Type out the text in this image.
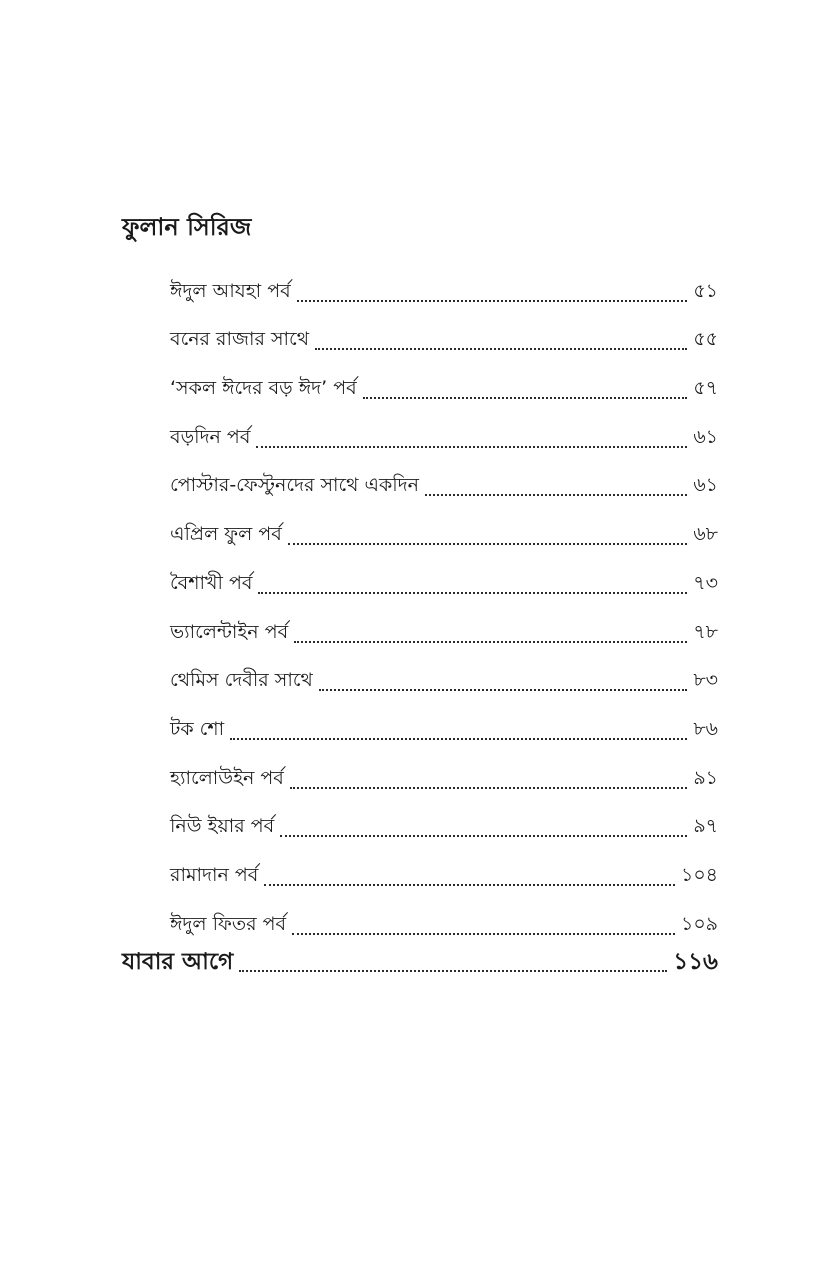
ফুলান সিরিজ
ঈদুল আযহা পর্ব	৫১
বনের রাজার সাথে	৫৫
‘সকল ঈদের বড় ঈদ’ পর্ব	৫৭
বড়দিন পর্ব	৬১
পোস্টার-ফেস্টুনদের সাথে একদিন	৬১
এপ্রিল ফুল পর্ব	৬৮
বৈশাখী পর্ব	৭৩
ভ্যালেন্টাইন পর্ব	৭৮
থেমিস দেবীর সাথে	৮৩
টক শো	৮৬
হ্যালোউইন পর্ব	৯১
নিউ ইয়ার পর্ব	৯৭
রামাদান পর্ব	১০৪
ঈদুল ফিতর পর্ব	১০৯
যাবার আগে	১১৬
